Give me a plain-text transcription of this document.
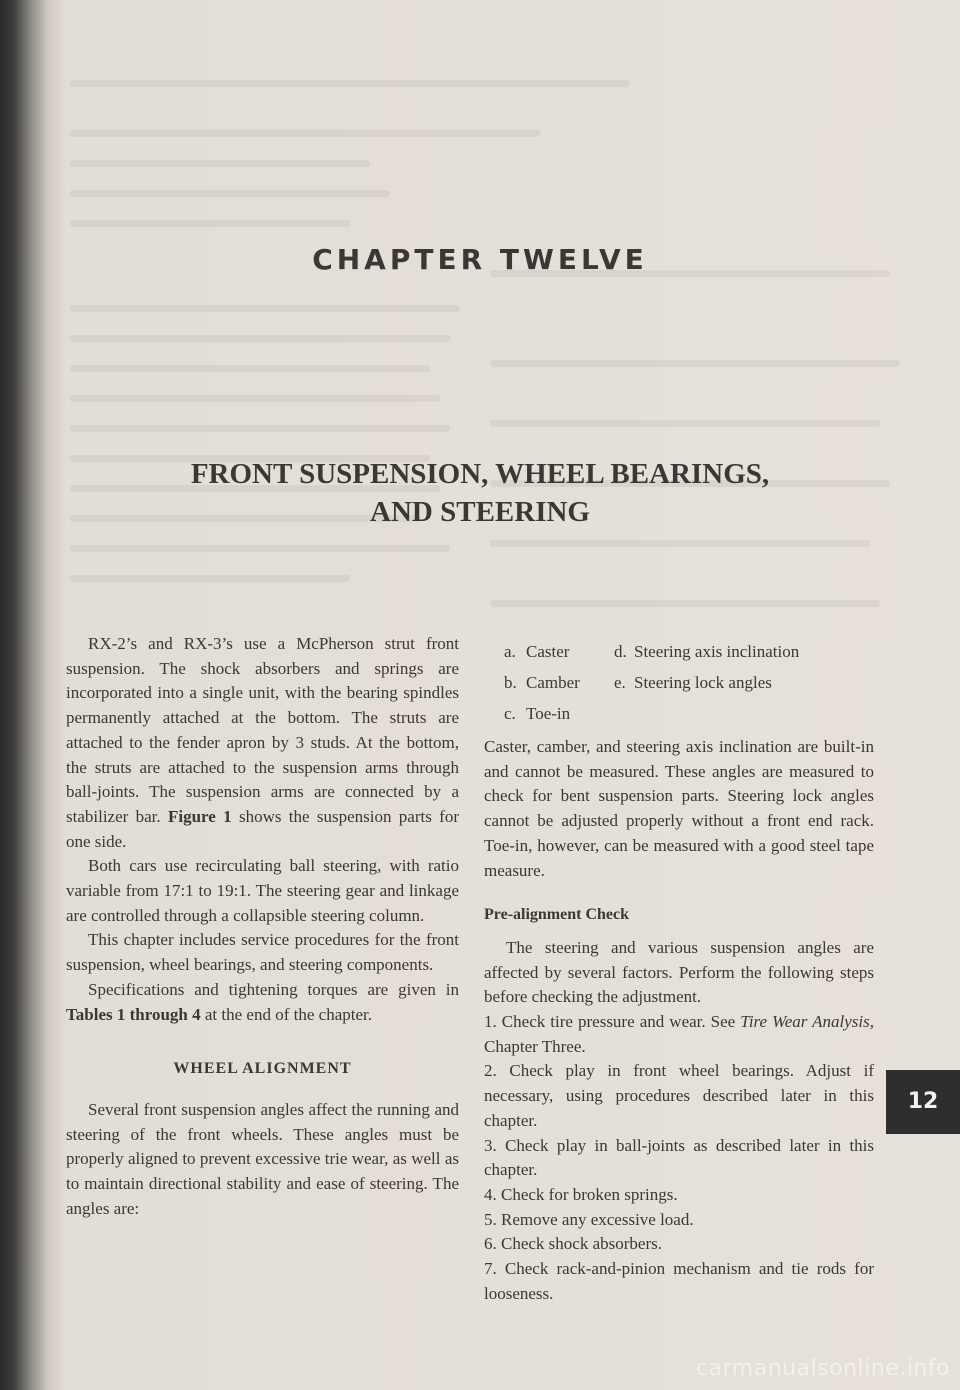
CHAPTER TWELVE
FRONT SUSPENSION, WHEEL BEARINGS,
AND STEERING

RX-2’s and RX-3’s use a McPherson strut front suspension. The shock absorbers and springs are incorporated into a single unit, with the bearing spindles permanently attached at the bottom. The struts are attached to the fender apron by 3 studs. At the bottom, the struts are attached to the suspension arms through ball-joints. The suspension arms are connected by a stabilizer bar. Figure 1 shows the suspension parts for one side.

Both cars use recirculating ball steering, with ratio variable from 17:1 to 19:1. The steering gear and linkage are controlled through a collapsible steering column.

This chapter includes service procedures for the front suspension, wheel bearings, and steering components.

Specifications and tightening torques are given in Tables 1 through 4 at the end of the chapter.

WHEEL ALIGNMENT

Several front suspension angles affect the running and steering of the front wheels. These angles must be properly aligned to prevent excessive trie wear, as well as to maintain directional stability and ease of steering. The angles are:

a. Caster	d. Steering axis inclination
b. Camber	e. Steering lock angles
c. Toe-in

Caster, camber, and steering axis inclination are built-in and cannot be measured. These angles are measured to check for bent suspension parts. Steering lock angles cannot be adjusted properly without a front end rack. Toe-in, however, can be measured with a good steel tape measure.

Pre-alignment Check

The steering and various suspension angles are affected by several factors. Perform the following steps before checking the adjustment.

1. Check tire pressure and wear. See Tire Wear Analysis, Chapter Three.

2. Check play in front wheel bearings. Adjust if necessary, using procedures described later in this chapter.

3. Check play in ball-joints as described later in this chapter.

4. Check for broken springs.

5. Remove any excessive load.

6. Check shock absorbers.

7. Check rack-and-pinion mechanism and tie rods for looseness.

12
carmanualsonline.info
